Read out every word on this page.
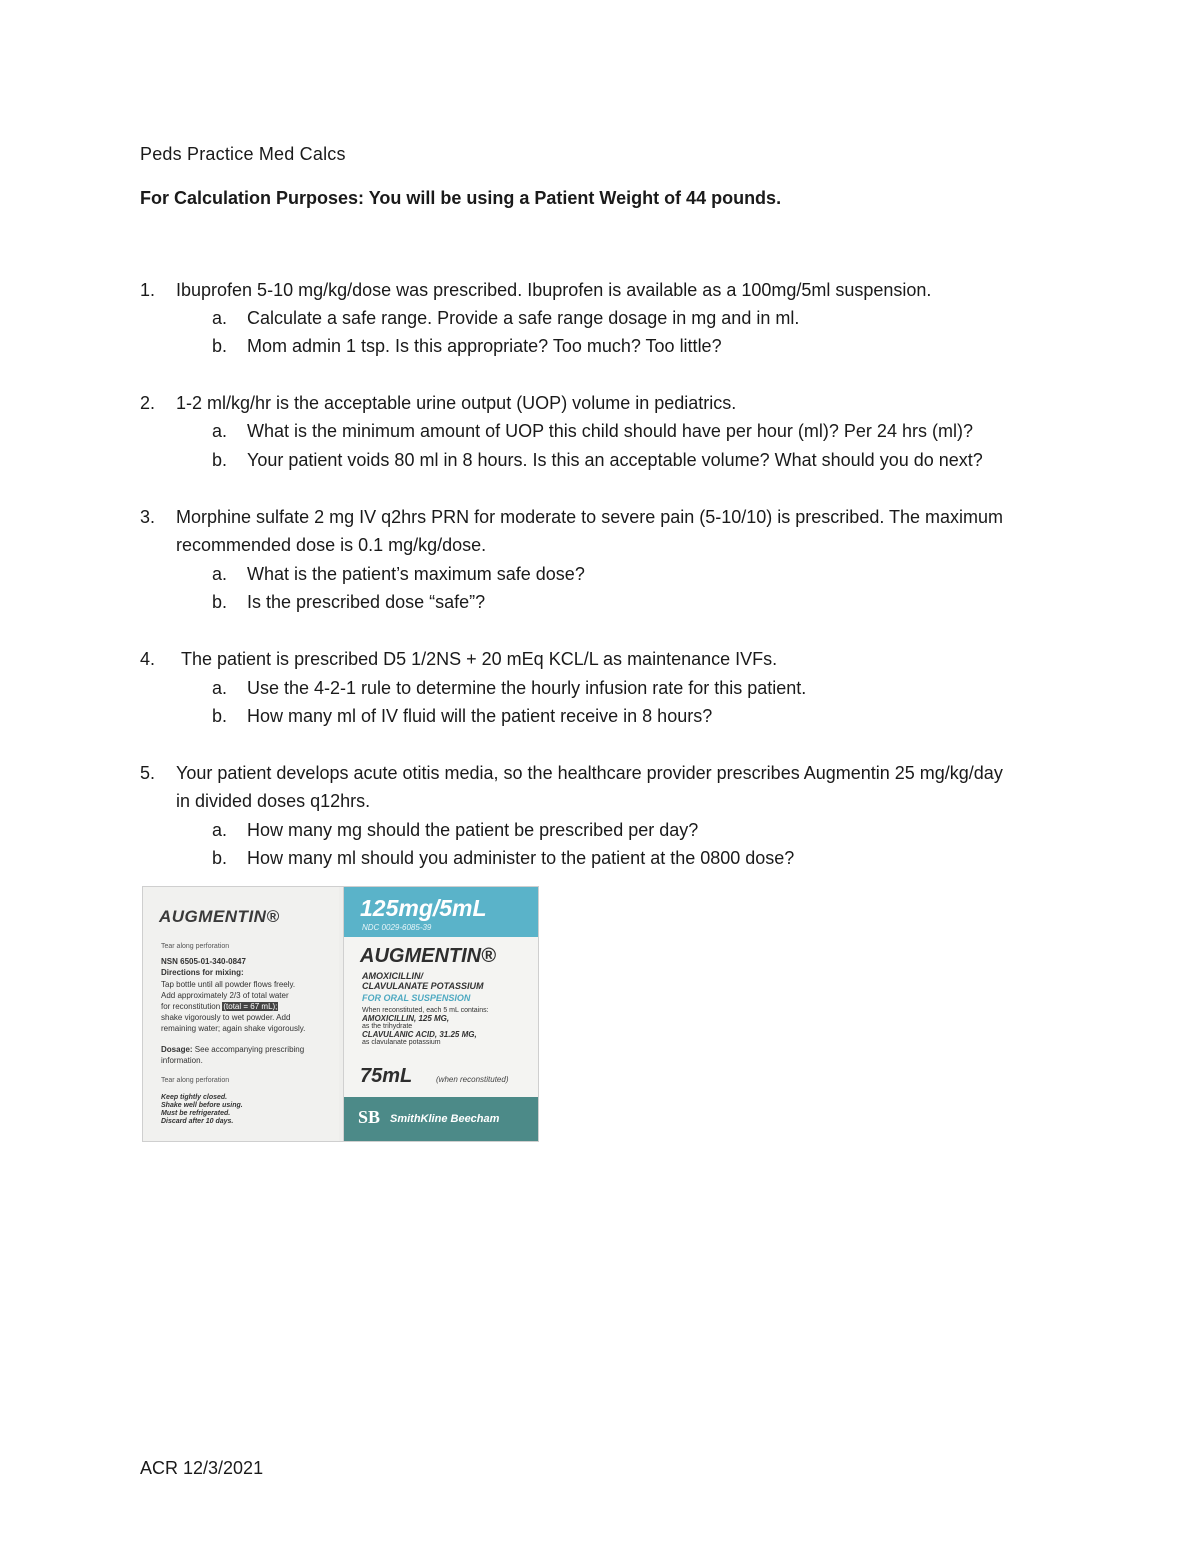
Peds Practice Med Calcs
For Calculation Purposes: You will be using a Patient Weight of 44 pounds.
1.	Ibuprofen 5-10 mg/kg/dose was prescribed. Ibuprofen is available as a 100mg/5ml suspension.
a. Calculate a safe range. Provide a safe range dosage in mg and in ml.
b. Mom admin 1 tsp. Is this appropriate? Too much? Too little?
2.	1-2 ml/kg/hr is the acceptable urine output (UOP) volume in pediatrics.
a. What is the minimum amount of UOP this child should have per hour (ml)? Per 24 hrs (ml)?
b. Your patient voids 80 ml in 8 hours. Is this an acceptable volume? What should you do next?
3.	Morphine sulfate 2 mg IV q2hrs PRN for moderate to severe pain (5-10/10) is prescribed. The maximum recommended dose is 0.1 mg/kg/dose.
a. What is the patient’s maximum safe dose?
b. Is the prescribed dose “safe”?
4.	The patient is prescribed D5 1/2NS + 20 mEq KCL/L as maintenance IVFs.
a. Use the 4-2-1 rule to determine the hourly infusion rate for this patient.
b. How many ml of IV fluid will the patient receive in 8 hours?
5.	Your patient develops acute otitis media, so the healthcare provider prescribes Augmentin 25 mg/kg/day in divided doses q12hrs.
a. How many mg should the patient be prescribed per day?
b. How many ml should you administer to the patient at the 0800 dose?
AUGMENTIN®
Tear along perforation
NSN 6505-01-340-0847
Directions for mixing:
Tap bottle until all powder flows freely.
Add approximately 2/3 of total water
for reconstitution (total = 67 mL);
shake vigorously to wet powder. Add
remaining water; again shake vigorously.
Dosage: See accompanying prescribing information.
Tear along perforation
Keep tightly closed.
Shake well before using.
Must be refrigerated.
Discard after 10 days.
125mg/5mL
NDC 0029-6085-39
AUGMENTIN®
AMOXICILLIN/
CLAVULANATE POTASSIUM
FOR ORAL SUSPENSION
When reconstituted, each 5 mL contains:
AMOXICILLIN, 125 MG,
as the trihydrate
CLAVULANIC ACID, 31.25 MG,
as clavulanate potassium
75mL	(when reconstituted)
SB SmithKline Beecham
ACR 12/3/2021
